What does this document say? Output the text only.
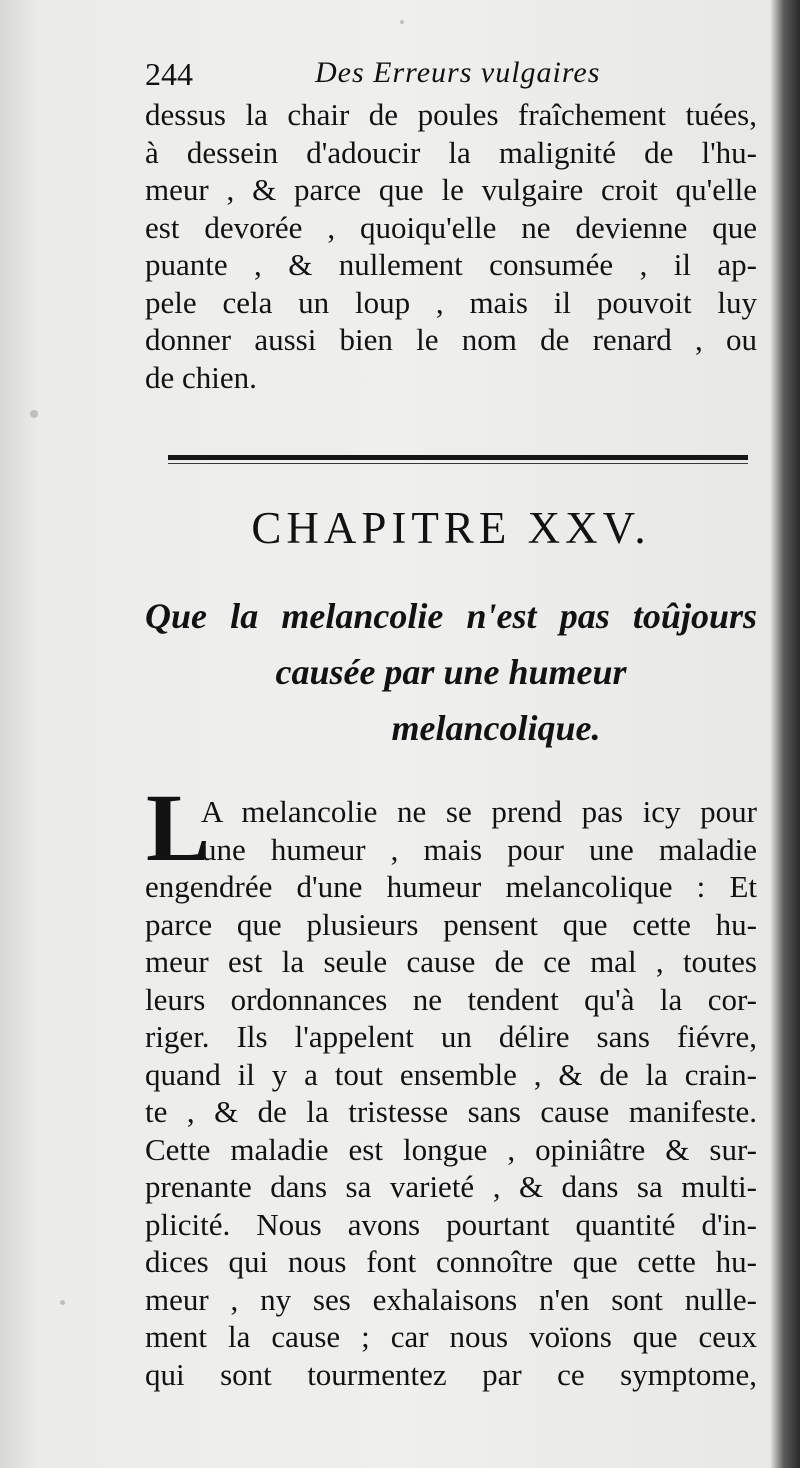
244	Des Erreurs vulgaires
dessus la chair de poules fraîchement tuées,
à dessein d'adoucir la malignité de l'hu-
meur , & parce que le vulgaire croit qu'elle
est devorée , quoiqu'elle ne devienne que
puante , & nullement consumée , il ap-
pele cela un loup , mais il pouvoit luy
donner aussi bien le nom de renard , ou
de chien.
CHAPITRE XXV.
Que la melancolie n'est pas toûjours
causée par une humeur
melancolique.
L
A melancolie ne se prend pas icy pour
une humeur , mais pour une maladie
engendrée d'une humeur melancolique : Et
parce que plusieurs pensent que cette hu-
meur est la seule cause de ce mal , toutes
leurs ordonnances ne tendent qu'à la cor-
riger. Ils l'appelent un délire sans fiévre,
quand il y a tout ensemble , & de la crain-
te , & de la tristesse sans cause manifeste.
Cette maladie est longue , opiniâtre & sur-
prenante dans sa varieté , & dans sa multi-
plicité. Nous avons pourtant quantité d'in-
dices qui nous font connoître que cette hu-
meur , ny ses exhalaisons n'en sont nulle-
ment la cause ; car nous voïons que ceux
qui sont tourmentez par ce symptome,
